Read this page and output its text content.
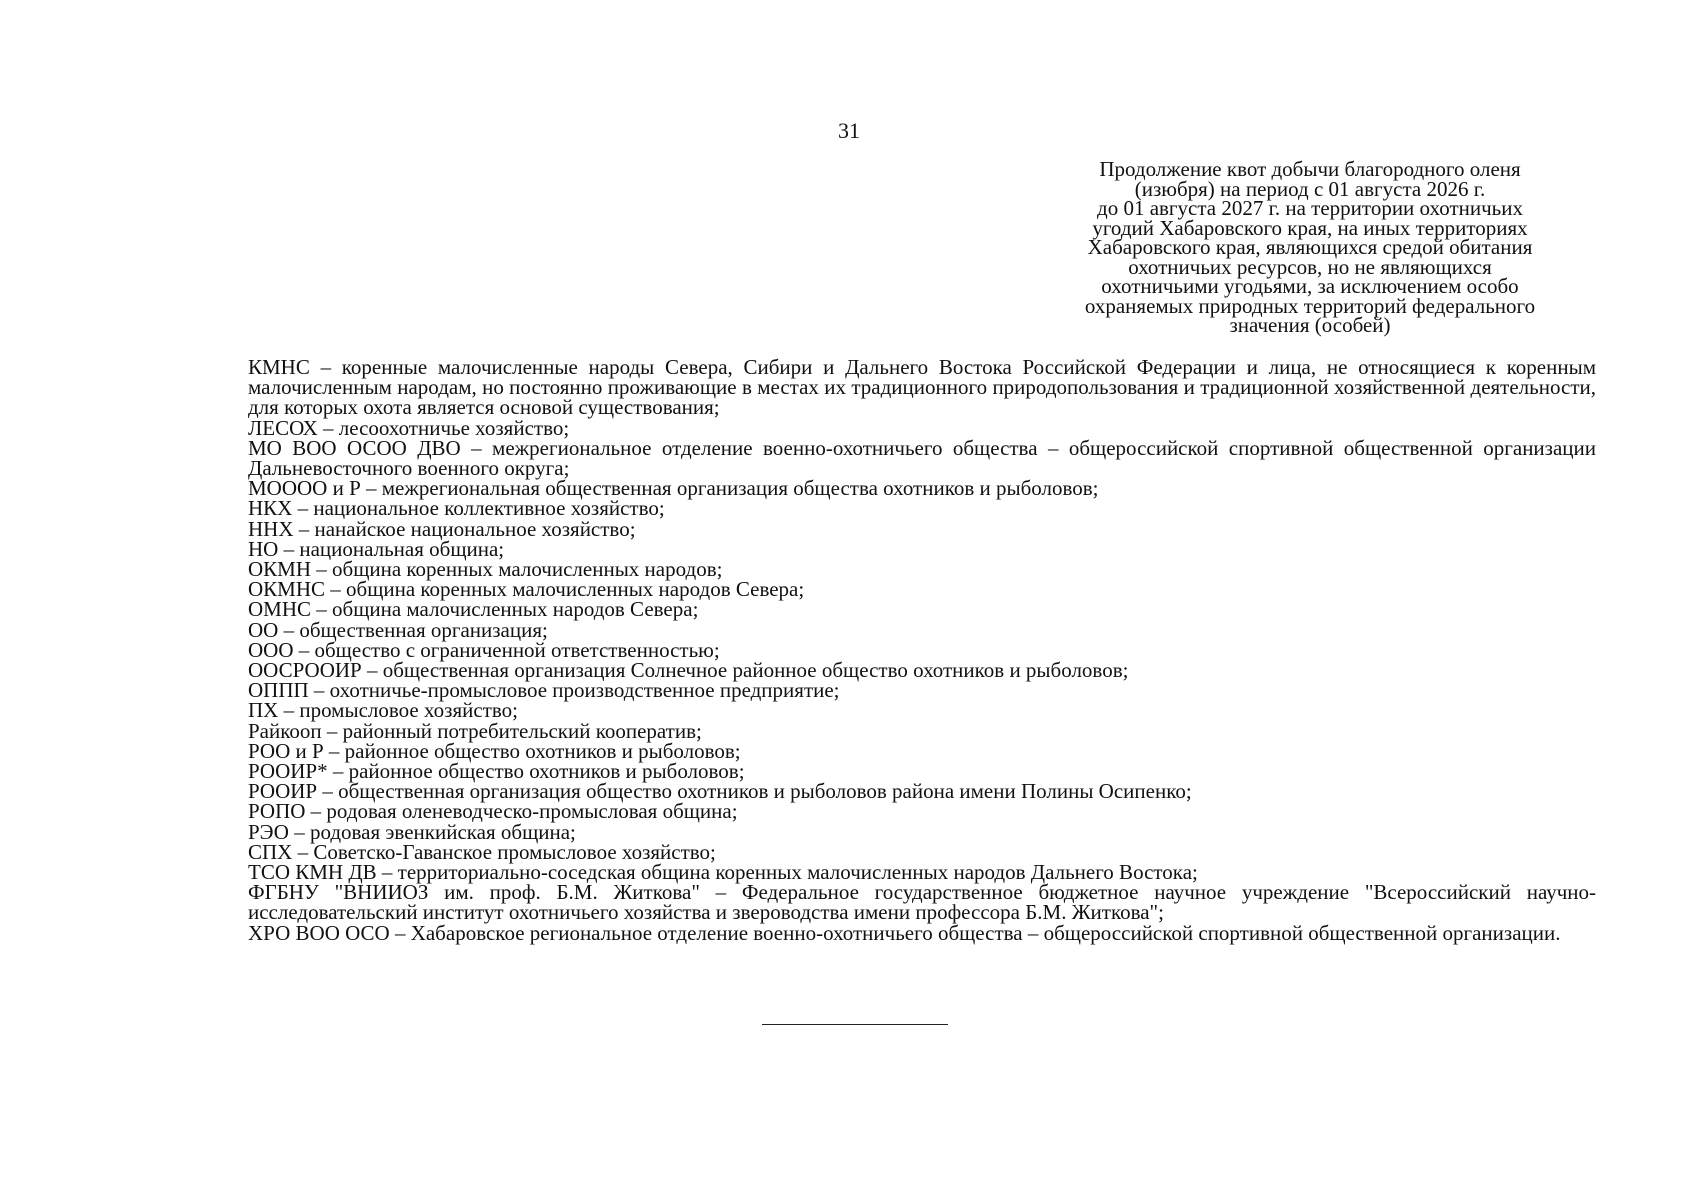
31
Продолжение квот добычи благородного оленя
(изюбря) на период с 01 августа 2026 г.
до 01 августа 2027 г. на территории охотничьих
угодий Хабаровского края, на иных территориях
Хабаровского края, являющихся средой обитания
охотничьих ресурсов, но не являющихся
охотничьими угодьями, за исключением особо
охраняемых природных территорий федерального
значения (особей)

КМНС – коренные малочисленные народы Севера, Сибири и Дальнего Востока Российской Федерации и лица, не относящиеся к коренным малочисленным народам, но постоянно проживающие в местах их традиционного природопользования и традиционной хозяйственной деятельности, для которых охота является основой существования;

ЛЕСОХ – лесоохотничье хозяйство;

МО ВОО ОСОО ДВО – межрегиональное отделение военно-охотничьего общества – общероссийской спортивной общественной организации Дальневосточного военного округа;

МОООО и Р – межрегиональная общественная организация общества охотников и рыболовов;

НКХ – национальное коллективное хозяйство;

ННХ – нанайское национальное хозяйство;

НО – национальная община;

ОКМН – община коренных малочисленных народов;

ОКМНС – община коренных малочисленных народов Севера;

ОМНС – община малочисленных народов Севера;

ОО – общественная организация;

ООО – общество с ограниченной ответственностью;

ООСРООИР – общественная организация Солнечное районное общество охотников и рыболовов;

ОППП – охотничье-промысловое производственное предприятие;

ПХ – промысловое хозяйство;

Райкооп – районный потребительский кооператив;

РОО и Р – районное общество охотников и рыболовов;

РООИР* – районное общество охотников и рыболовов;

РООИР – общественная организация общество охотников и рыболовов района имени Полины Осипенко;

РОПО – родовая оленеводческо-промысловая община;

РЭО – родовая эвенкийская община;

СПХ – Советско-Гаванское промысловое хозяйство;

ТСО КМН ДВ – территориально-соседская община коренных малочисленных народов Дальнего Востока;

ФГБНУ "ВНИИОЗ им. проф. Б.М. Житкова" – Федеральное государственное бюджетное научное учреждение "Всероссийский научно-исследовательский институт охотничьего хозяйства и звероводства имени профессора Б.М. Житкова";

ХРО ВОО ОСО – Хабаровское региональное отделение военно-охотничьего общества – общероссийской спортивной общественной организации.
